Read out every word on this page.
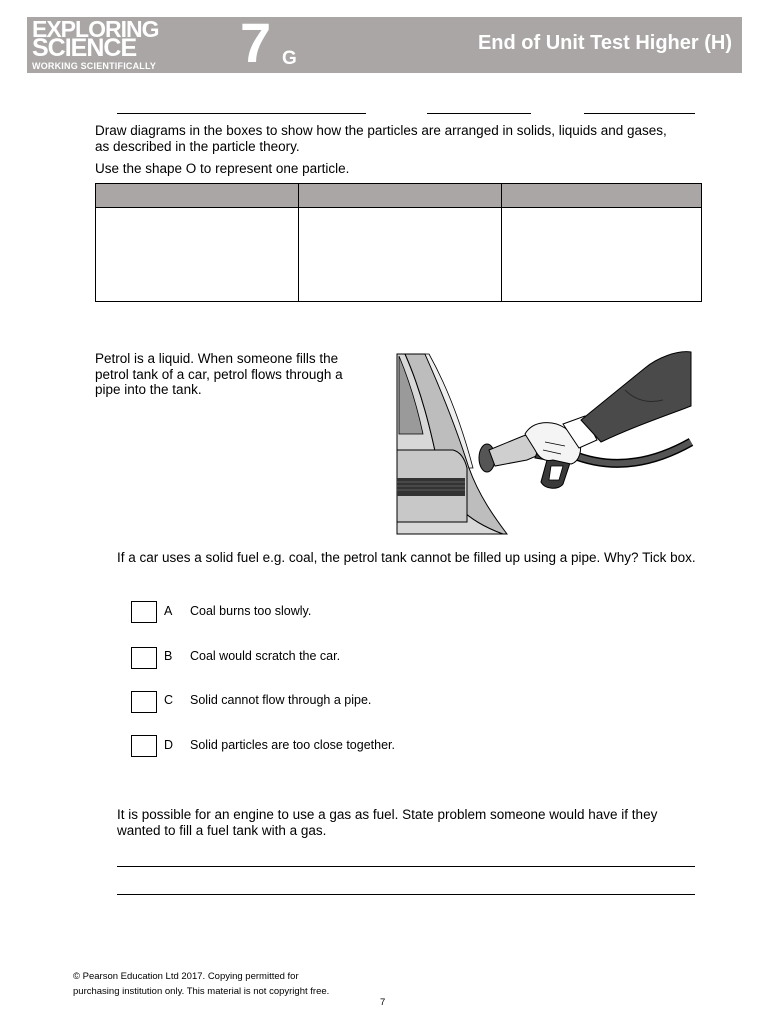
EXPLORING
SCIENCE
WORKING SCIENTIFICALLY 7 G
End of Unit Test Higher (H)
Draw diagrams in the boxes to show how the particles are arranged in solids, liquids and gases, as described in the particle theory.
Use the shape O to represent one particle.

Petrol is a liquid. When someone fills the petrol tank of a car, petrol flows through a pipe into the tank.
If a car uses a solid fuel e.g. coal, the petrol tank cannot be filled up using a pipe. Why? Tick box.
A Coal burns too slowly.
B Coal would scratch the car.
C Solid cannot flow through a pipe.
D Solid particles are too close together.
It is possible for an engine to use a gas as fuel. State problem someone would have if they wanted to fill a fuel tank with a gas.
© Pearson Education Ltd 2017. Copying permitted for
purchasing institution only. This material is not copyright free.
7
